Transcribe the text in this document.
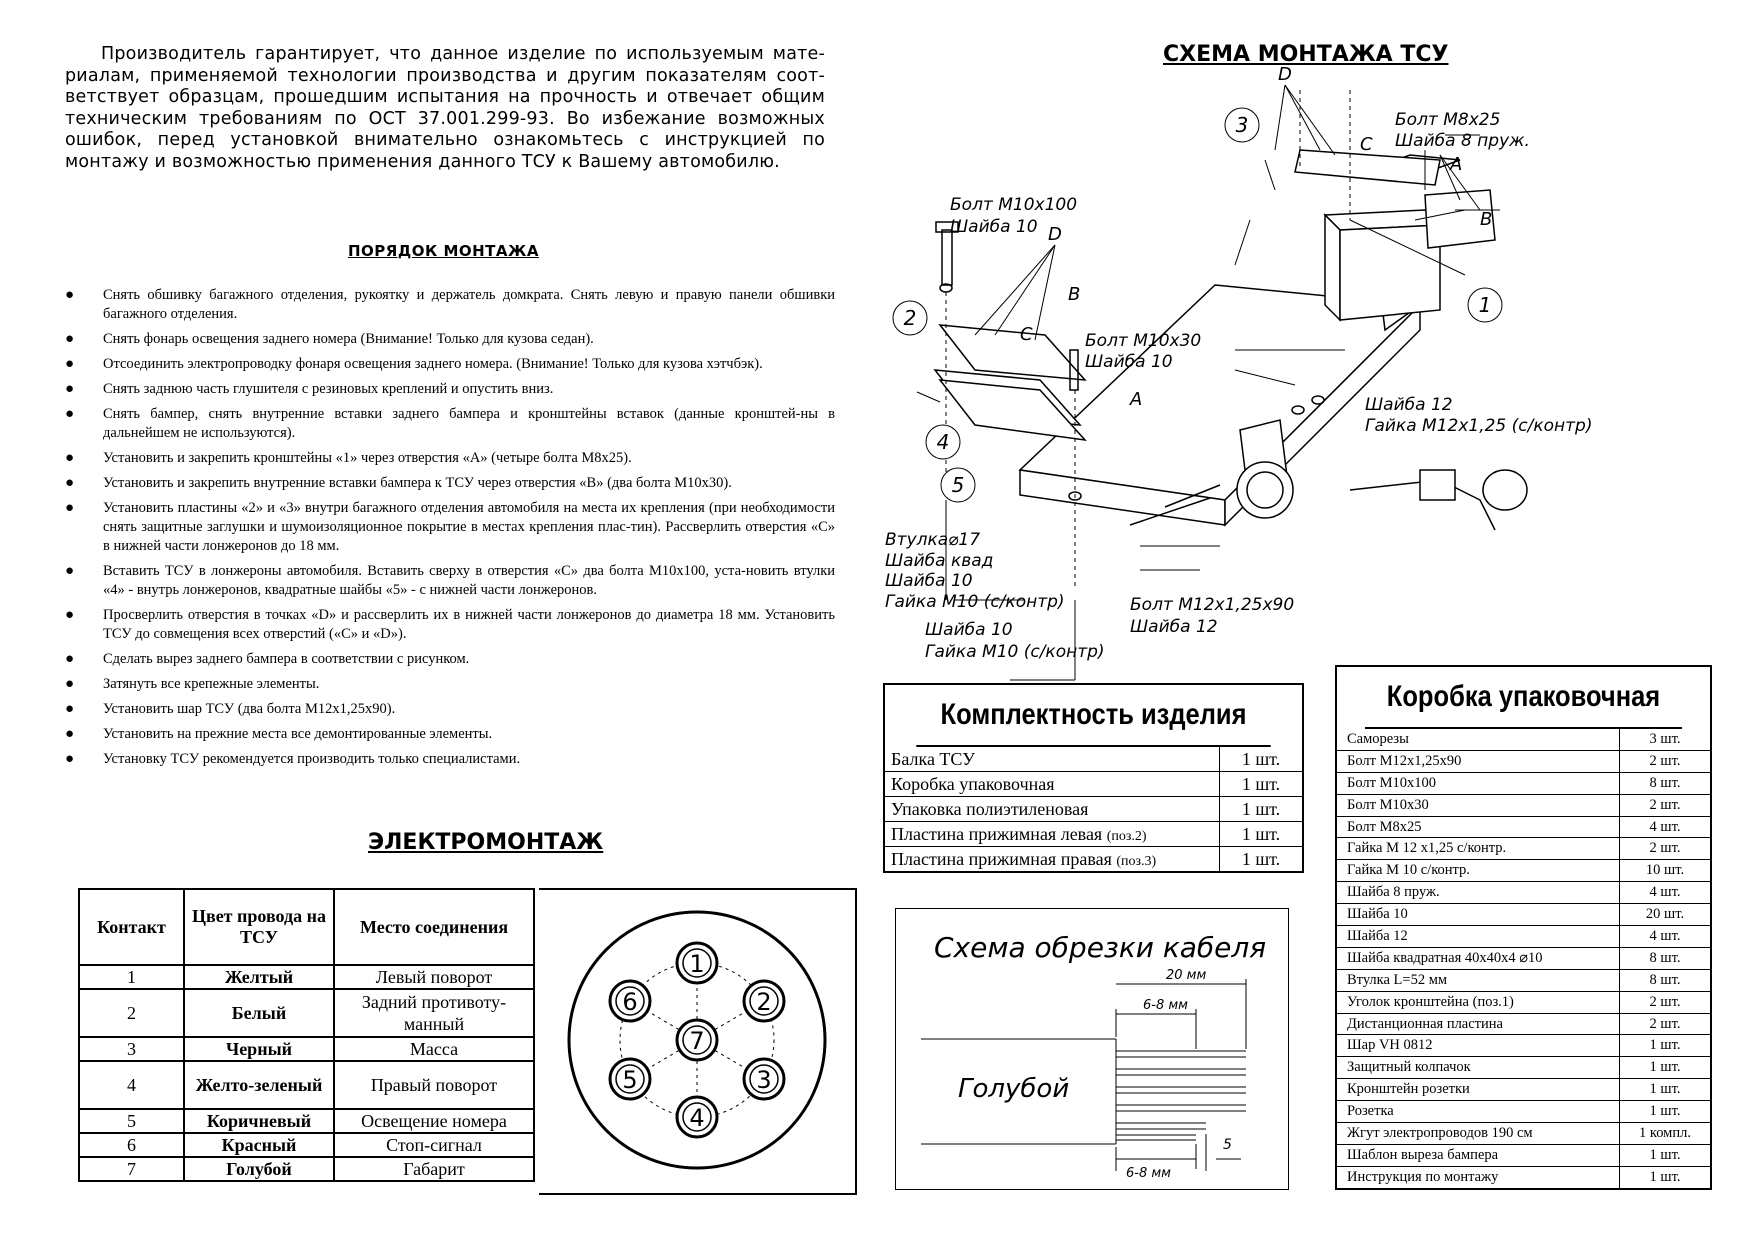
Производитель гарантирует, что данное изделие по используемым мате-риалам, применяемой технологии производства и другим показателям соот-ветствует образцам, прошедшим испытания на прочность и отвечает общим техническим требованиям по ОСТ 37.001.299-93. Во избежание возможных ошибок, перед установкой внимательно ознакомьтесь с инструкцией по монтажу и возможностью применения данного ТСУ к Вашему автомобилю.
ПОРЯДОК МОНТАЖА
● Снять обшивку багажного отделения, рукоятку и держатель домкрата. Снять левую и правую панели обшивки багажного отделения.
● Снять фонарь освещения заднего номера (Внимание! Только для кузова седан).
● Отсоединить электропроводку фонаря освещения заднего номера. (Внимание! Только для кузова хэтчбэк).
● Снять заднюю часть глушителя с резиновых креплений и опустить вниз.
● Снять бампер, снять внутренние вставки заднего бампера и кронштейны вставок (данные кронштей-ны в дальнейшем не используются).
● Установить и закрепить кронштейны «1» через отверстия «А» (четыре болта М8х25).
● Установить и закрепить внутренние вставки бампера к ТСУ через отверстия «В» (два болта М10х30).
● Установить пластины «2» и «3» внутри багажного отделения автомобиля на места их крепления (при необходимости снять защитные заглушки и шумоизоляционное покрытие в местах крепления плас-тин). Рассверлить отверстия «С» в нижней части лонжеронов до 18 мм.
● Вставить ТСУ в лонжероны автомобиля. Вставить сверху в отверстия «С» два болта М10х100, уста-новить втулки «4» - внутрь лонжеронов, квадратные шайбы «5» - с нижней части лонжеронов.
● Просверлить отверстия в точках «D» и рассверлить их в нижней части лонжеронов до диаметра 18 мм. Установить ТСУ до совмещения всех отверстий («С» и «D»).
● Сделать вырез заднего бампера в соответствии с рисунком.
● Затянуть все крепежные элементы.
● Установить шар ТСУ (два болта М12х1,25х90).
● Установить на прежние места все демонтированные элементы.
● Установку ТСУ рекомендуется производить только специалистами.
ЭЛЕКТРОМОНТАЖ
Контакт	Цвет провода на ТСУ	Место соединения
1	Желтый	Левый поворот
2	Белый	Задний противоту-манный
3	Черный	Масса
4	Желто-зеленый	Правый поворот
5	Коричневый	Освещение номера
6	Красный	Стоп-сигнал
7	Голубой	Габарит
1
2
3
4
5
6
7
СХЕМА МОНТАЖА ТСУ
3
2
4
5
1
D
C
A
B
D
C
B
A
Болт М8х25
Шайба 8 пруж.
Болт М10х100
Шайба 10
Болт М10х30
Шайба 10
Шайба 12
Гайка М12х1,25 (с/контр)
Шайба 10
Гайка М10 (с/контр)
Болт М12х1,25х90
Шайба 12
Втулка⌀17
Шайба квад
Шайба 10
Гайка М10 (с/контр)
Комплектность изделия
Балка ТСУ	1 шт.
Коробка упаковочная	1 шт.
Упаковка полиэтиленовая	1 шт.
Пластина прижимная левая (поз.2)	1 шт.
Пластина прижимная правая (поз.3)	1 шт.
Коробка упаковочная
Саморезы	3 шт.
Болт М12х1,25х90	2 шт.
Болт М10х100	8 шт.
Болт М10х30	2 шт.
Болт М8х25	4 шт.
Гайка М 12 х1,25 с/контр.	2 шт.
Гайка М 10 с/контр.	10 шт.
Шайба 8 пруж.	4 шт.
Шайба 10	20 шт.
Шайба 12	4 шт.
Шайба квадратная 40х40х4 ⌀10	8 шт.
Втулка L=52 мм	8 шт.
Уголок кронштейна (поз.1)	2 шт.
Дистанционная пластина	2 шт.
Шар VH 0812	1 шт.
Защитный колпачок	1 шт.
Кронштейн розетки	1 шт.
Розетка	1 шт.
Жгут электропроводов 190 см	1 компл.
Шаблон выреза бампера	1 шт.
Инструкция по монтажу	1 шт.
Схема обрезки кабеля
Голубой
20 мм
6-8 мм
6-8 мм
5
